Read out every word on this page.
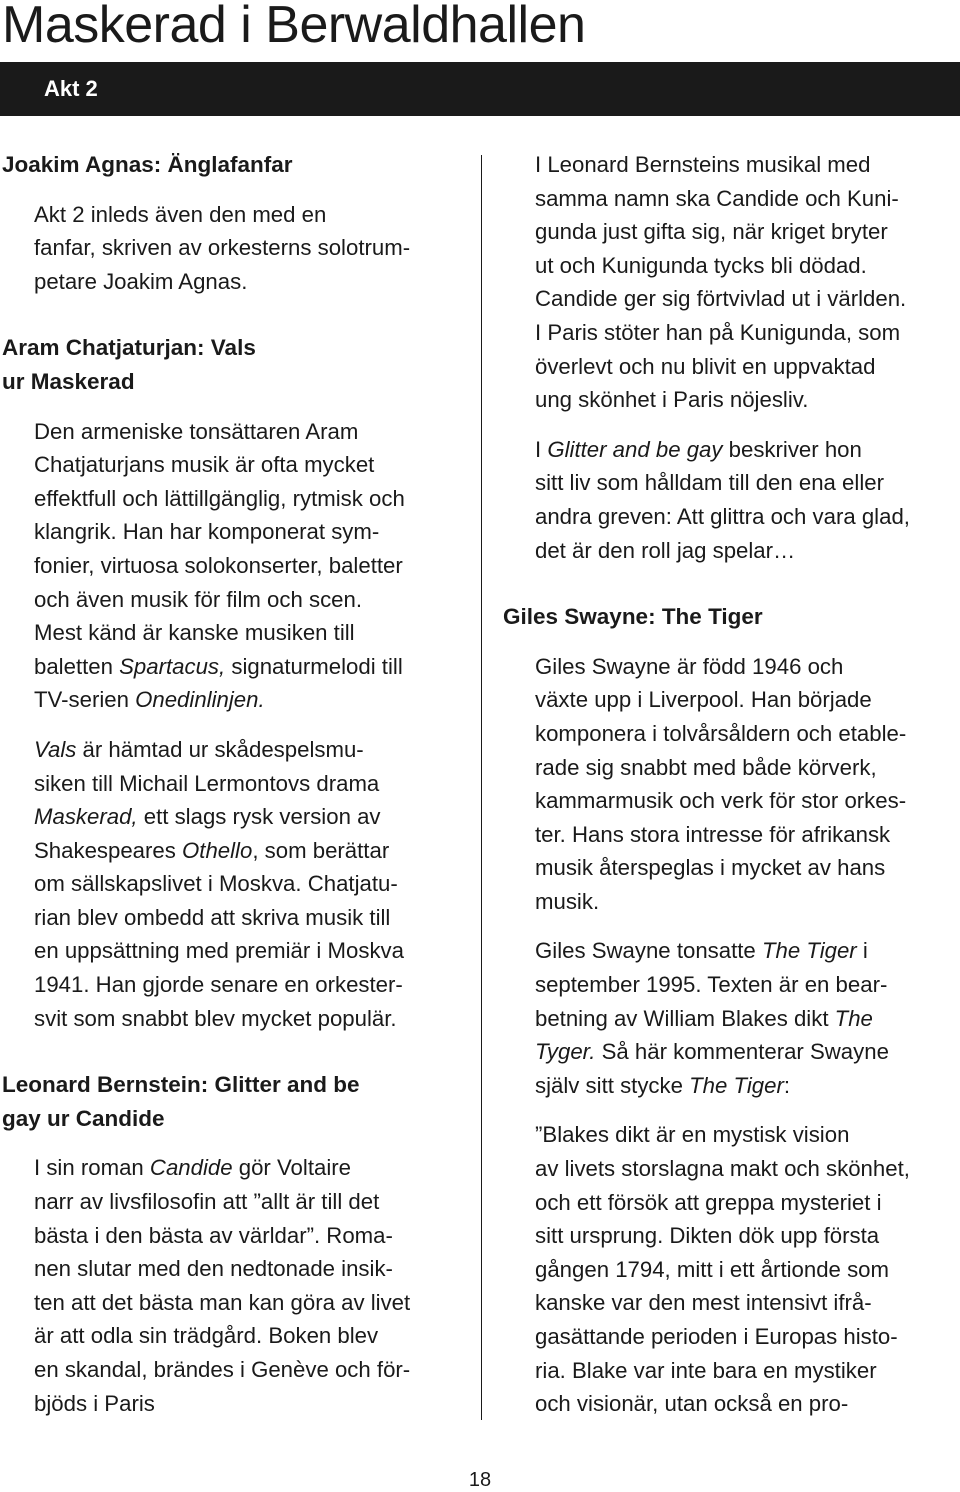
Maskerad i Berwaldhallen
Akt 2
Joakim Agnas: Änglafanfar

Akt 2 inleds även den med en
fanfar, skriven av orkesterns solotrum-
petare Joakim Agnas.

Aram Chatjaturjan: Vals
ur Maskerad

Den armeniske tonsättaren Aram
Chatjaturjans musik är ofta mycket
effektfull och lättillgänglig, rytmisk och
klangrik. Han har komponerat sym-
fonier, virtuosa solokonserter, baletter
och även musik för film och scen.
Mest känd är kanske musiken till
baletten Spartacus, signaturmelodi till
TV-serien Onedinlinjen.

Vals är hämtad ur skådespelsmu-
siken till Michail Lermontovs drama
Maskerad, ett slags rysk version av
Shakespeares Othello, som berättar
om sällskapslivet i Moskva. Chatjatu-
rian blev ombedd att skriva musik till
en uppsättning med premiär i Moskva
1941. Han gjorde senare en orkester-
svit som snabbt blev mycket populär.

Leonard Bernstein: Glitter and be
gay ur Candide

I sin roman Candide gör Voltaire
narr av livsfilosofin att ”allt är till det
bästa i den bästa av världar”. Roma-
nen slutar med den nedtonade insik-
ten att det bästa man kan göra av livet
är att odla sin trädgård. Boken blev
en skandal, brändes i Genève och för-
bjöds i Paris

I Leonard Bernsteins musikal med
samma namn ska Candide och Kuni-
gunda just gifta sig, när kriget bryter
ut och Kunigunda tycks bli dödad.
Candide ger sig förtvivlad ut i världen.
I Paris stöter han på Kunigunda, som
överlevt och nu blivit en uppvaktad
ung skönhet i Paris nöjesliv.

I Glitter and be gay beskriver hon
sitt liv som hålldam till den ena eller
andra greven: Att glittra och vara glad,
det är den roll jag spelar…

Giles Swayne: The Tiger

Giles Swayne är född 1946 och
växte upp i Liverpool. Han började
komponera i tolvårsåldern och etable-
rade sig snabbt med både körverk,
kammarmusik och verk för stor orkes-
ter. Hans stora intresse för afrikansk
musik återspeglas i mycket av hans
musik.

Giles Swayne tonsatte The Tiger i
september 1995. Texten är en bear-
betning av William Blakes dikt The
Tyger. Så här kommenterar Swayne
själv sitt stycke The Tiger:

”Blakes dikt är en mystisk vision
av livets storslagna makt och skönhet,
och ett försök att greppa mysteriet i
sitt ursprung. Dikten dök upp första
gången 1794, mitt i ett årtionde som
kanske var den mest intensivt ifrå-
gasättande perioden i Europas histo-
ria. Blake var inte bara en mystiker
och visionär, utan också en pro-

18
